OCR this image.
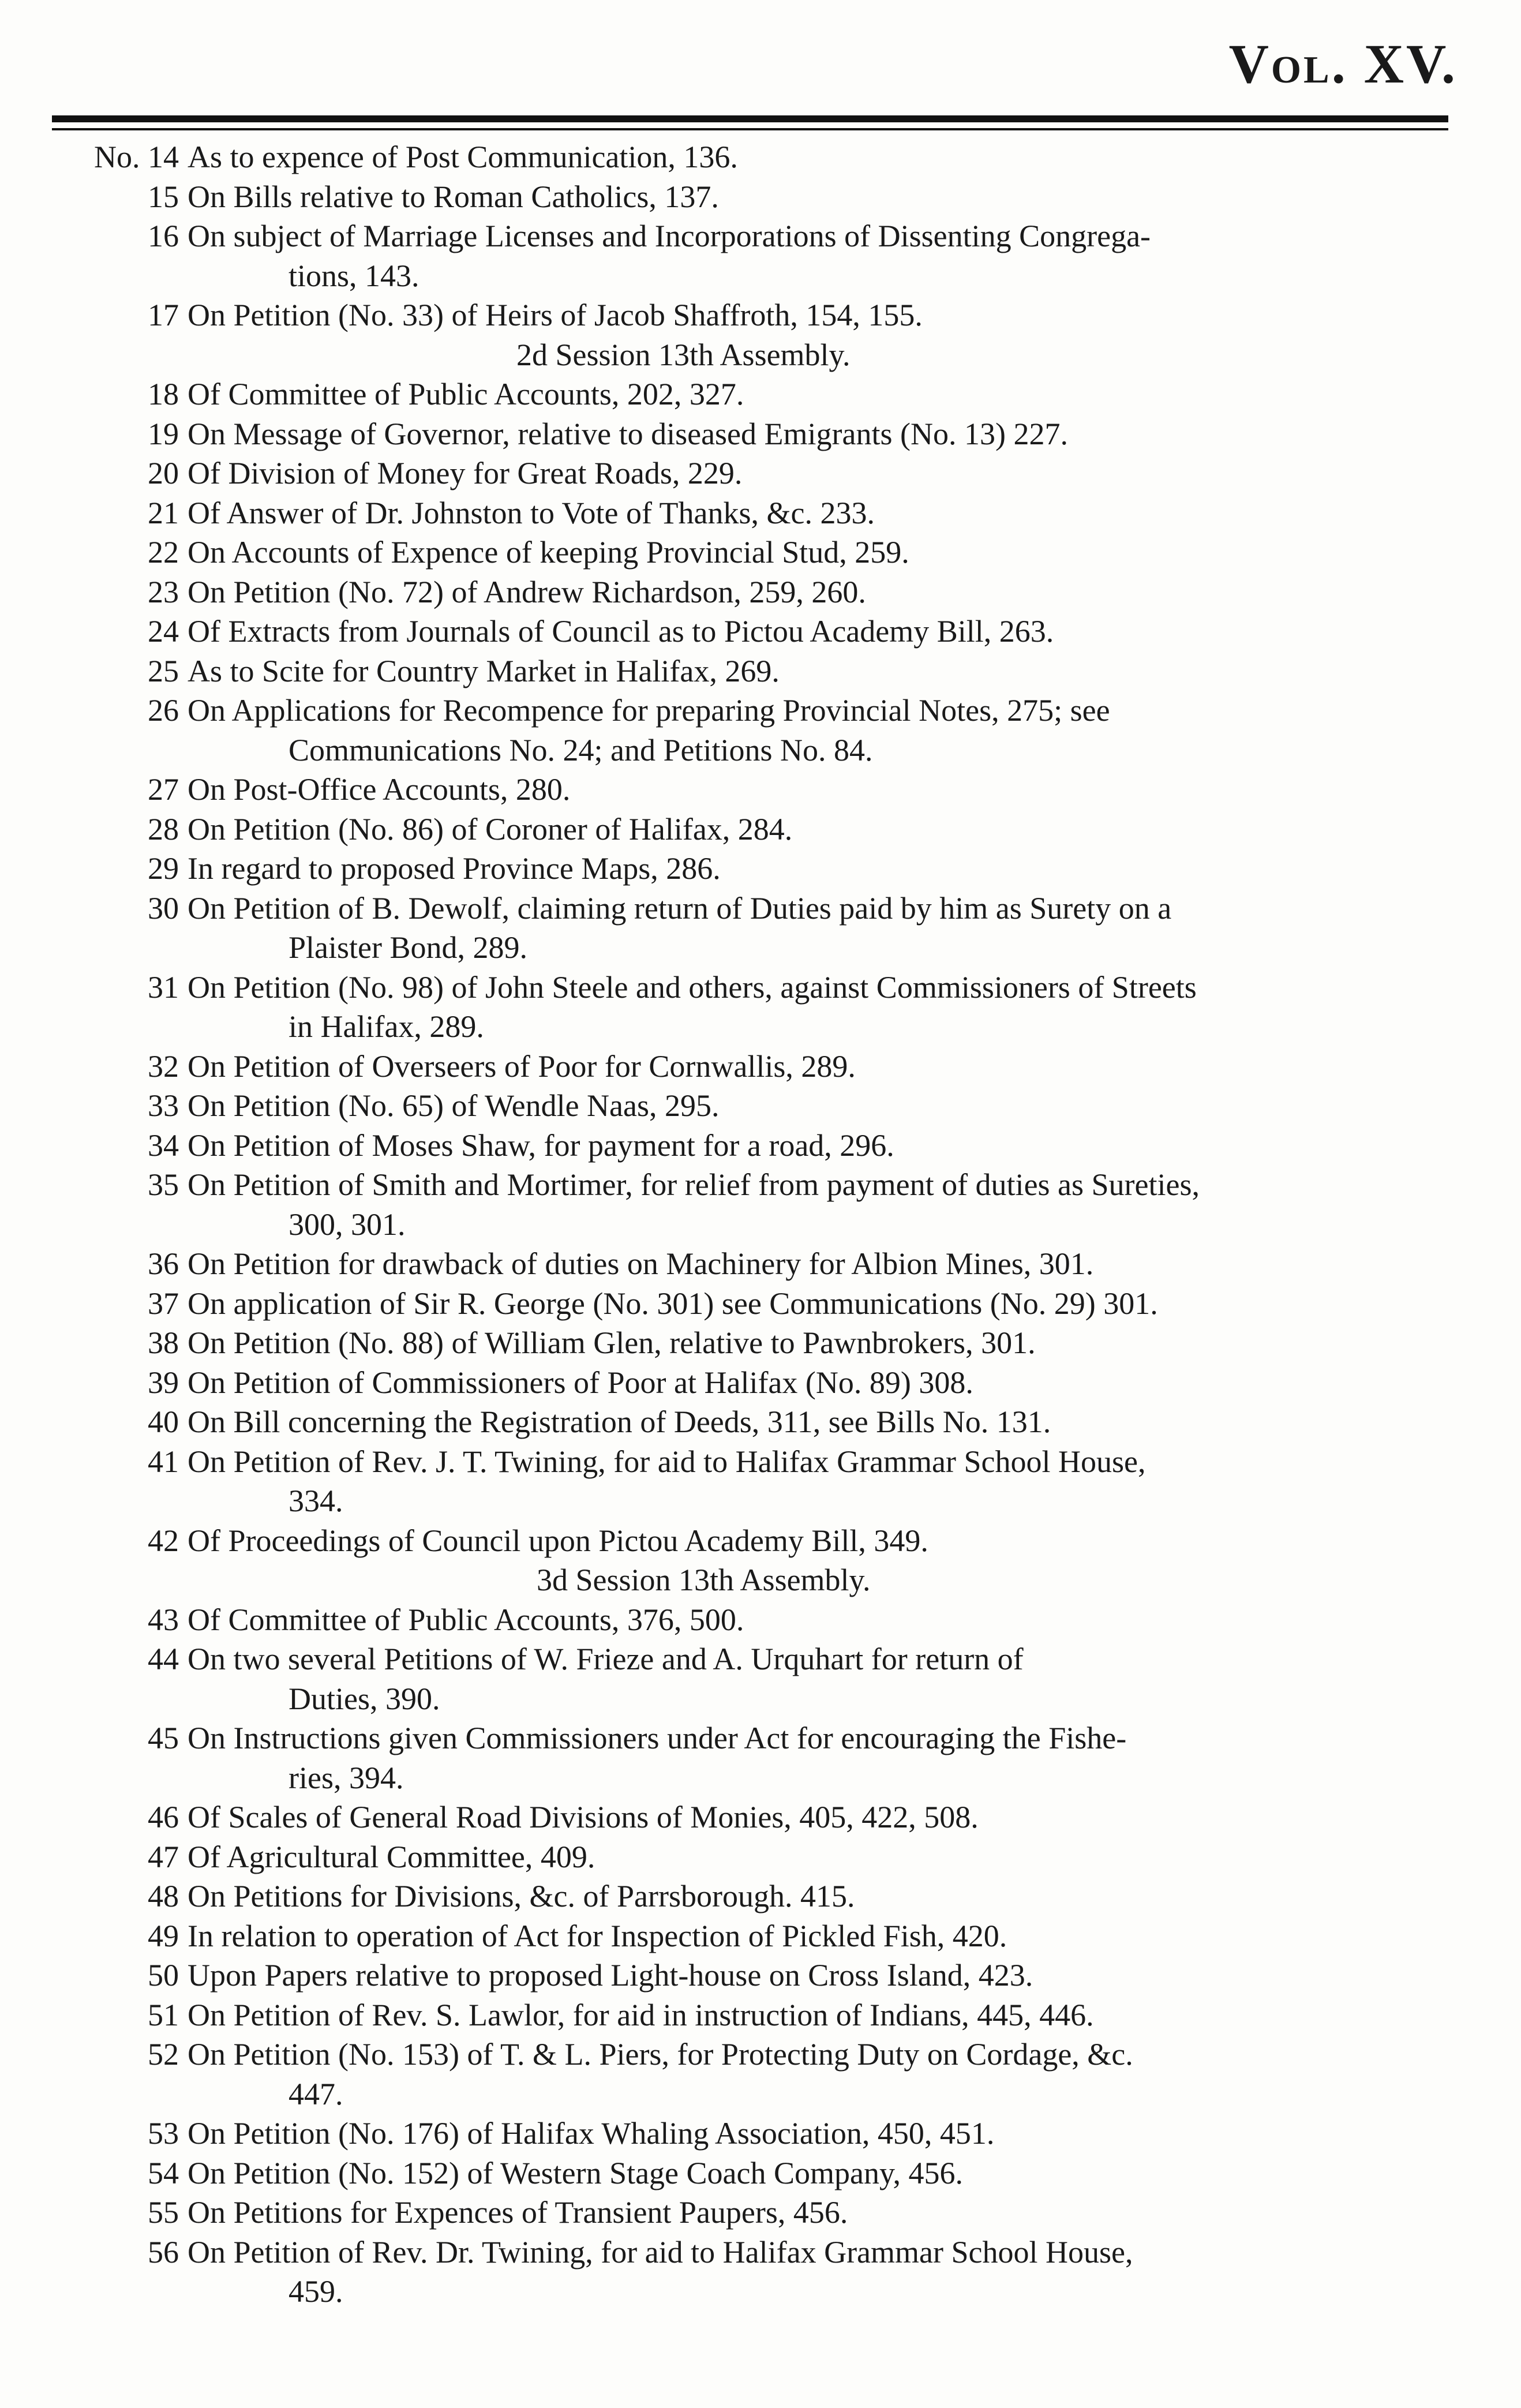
Vol. XV.
No. 14 As to expence of Post Communication, 136.
15 On Bills relative to Roman Catholics, 137.
16 On subject of Marriage Licenses and Incorporations of Dissenting Congrega-
tions, 143.
17 On Petition (No. 33) of Heirs of Jacob Shaffroth, 154, 155.
2d Session 13th Assembly.
18 Of Committee of Public Accounts, 202, 327.
19 On Message of Governor, relative to diseased Emigrants (No. 13) 227.
20 Of Division of Money for Great Roads, 229.
21 Of Answer of Dr. Johnston to Vote of Thanks, &c. 233.
22 On Accounts of Expence of keeping Provincial Stud, 259.
23 On Petition (No. 72) of Andrew Richardson, 259, 260.
24 Of Extracts from Journals of Council as to Pictou Academy Bill, 263.
25 As to Scite for Country Market in Halifax, 269.
26 On Applications for Recompence for preparing Provincial Notes, 275; see
Communications No. 24; and Petitions No. 84.
27 On Post-Office Accounts, 280.
28 On Petition (No. 86) of Coroner of Halifax, 284.
29 In regard to proposed Province Maps, 286.
30 On Petition of B. Dewolf, claiming return of Duties paid by him as Surety on a
Plaister Bond, 289.
31 On Petition (No. 98) of John Steele and others, against Commissioners of Streets
in Halifax, 289.
32 On Petition of Overseers of Poor for Cornwallis, 289.
33 On Petition (No. 65) of Wendle Naas, 295.
34 On Petition of Moses Shaw, for payment for a road, 296.
35 On Petition of Smith and Mortimer, for relief from payment of duties as Sureties,
300, 301.
36 On Petition for drawback of duties on Machinery for Albion Mines, 301.
37 On application of Sir R. George (No. 301) see Communications (No. 29) 301.
38 On Petition (No. 88) of William Glen, relative to Pawnbrokers, 301.
39 On Petition of Commissioners of Poor at Halifax (No. 89) 308.
40 On Bill concerning the Registration of Deeds, 311, see Bills No. 131.
41 On Petition of Rev. J. T. Twining, for aid to Halifax Grammar School House,
334.
42 Of Proceedings of Council upon Pictou Academy Bill, 349.
3d Session 13th Assembly.
43 Of Committee of Public Accounts, 376, 500.
44 On two several Petitions of W. Frieze and A. Urquhart for return of
Duties, 390.
45 On Instructions given Commissioners under Act for encouraging the Fishe-
ries, 394.
46 Of Scales of General Road Divisions of Monies, 405, 422, 508.
47 Of Agricultural Committee, 409.
48 On Petitions for Divisions, &c. of Parrsborough. 415.
49 In relation to operation of Act for Inspection of Pickled Fish, 420.
50 Upon Papers relative to proposed Light-house on Cross Island, 423.
51 On Petition of Rev. S. Lawlor, for aid in instruction of Indians, 445, 446.
52 On Petition (No. 153) of T. & L. Piers, for Protecting Duty on Cordage, &c.
447.
53 On Petition (No. 176) of Halifax Whaling Association, 450, 451.
54 On Petition (No. 152) of Western Stage Coach Company, 456.
55 On Petitions for Expences of Transient Paupers, 456.
56 On Petition of Rev. Dr. Twining, for aid to Halifax Grammar School House,
459.
